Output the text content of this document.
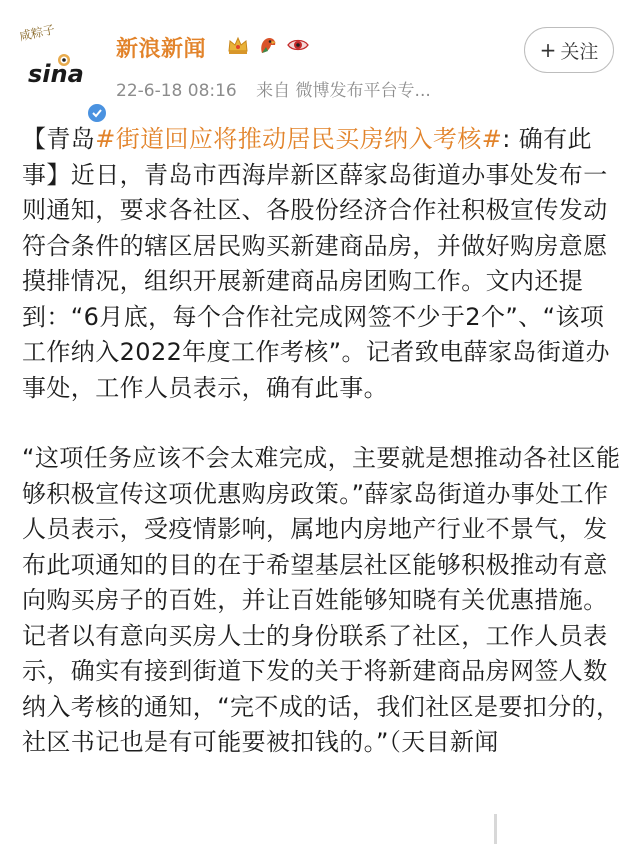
咸粽子
sina
新浪新闻
22-6-18 08:16 来自 微博发布平台专...
+ 关注

【青岛#街道回应将推动居民买房纳入考核#: 确有此事】近日，青岛市西海岸新区薛家岛街道办事处发布一则通知，要求各社区、各股份经济合作社积极宣传发动符合条件的辖区居民购买新建商品房，并做好购房意愿摸排情况，组织开展新建商品房团购工作。文内还提到：“6月底，每个合作社完成网签不少于2个”、“该项工作纳入2022年度工作考核”。记者致电薛家岛街道办事处，工作人员表示，确有此事。

“这项任务应该不会太难完成，主要就是想推动各社区能够积极宣传这项优惠购房政策。”薛家岛街道办事处工作人员表示，受疫情影响，属地内房地产行业不景气，发布此项通知的目的在于希望基层社区能够积极推动有意向购买房子的百姓，并让百姓能够知晓有关优惠措施。记者以有意向买房人士的身份联系了社区，工作人员表示，确实有接到街道下发的关于将新建商品房网签人数纳入考核的通知，“完不成的话，我们社区是要扣分的，社区书记也是有可能要被扣钱的。”（天目新闻
